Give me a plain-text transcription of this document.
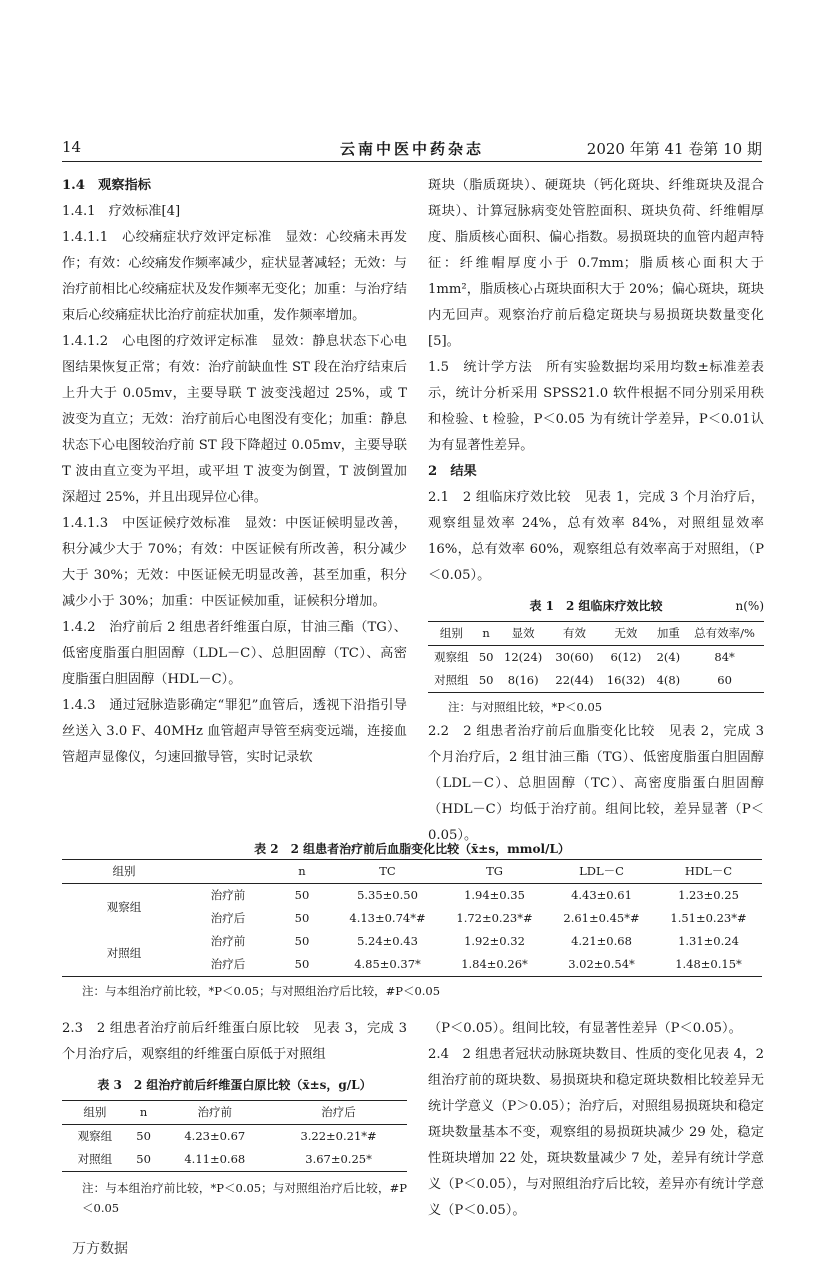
14	云南中医中药杂志	2020 年第 41 卷第 10 期

1.4　观察指标

1.4.1　疗效标准[4]

1.4.1.1　心绞痛症状疗效评定标准　显效：心绞痛未再发作；有效：心绞痛发作频率减少，症状显著减轻；无效：与治疗前相比心绞痛症状及发作频率无变化；加重：与治疗结束后心绞痛症状比治疗前症状加重，发作频率增加。

1.4.1.2　心电图的疗效评定标准　显效：静息状态下心电图结果恢复正常；有效：治疗前缺血性 ST 段在治疗结束后上升大于 0.05mv，主要导联 T 波变浅超过 25%，或 T 波变为直立；无效：治疗前后心电图没有变化；加重：静息状态下心电图较治疗前 ST 段下降超过 0.05mv，主要导联 T 波由直立变为平坦，或平坦 T 波变为倒置，T 波倒置加深超过 25%，并且出现异位心律。

1.4.1.3　中医证候疗效标准　显效：中医证候明显改善，积分减少大于 70%；有效：中医证候有所改善，积分减少大于 30%；无效：中医证候无明显改善，甚至加重，积分减少小于 30%；加重：中医证候加重，证候积分增加。

1.4.2　治疗前后 2 组患者纤维蛋白原，甘油三酯（TG）、低密度脂蛋白胆固醇（LDL－C）、总胆固醇（TC）、高密度脂蛋白胆固醇（HDL－C）。

1.4.3　通过冠脉造影确定“罪犯”血管后，透视下沿指引导丝送入 3.0 F、40MHz 血管超声导管至病变远端，连接血管超声显像仪，匀速回撤导管，实时记录软

斑块（脂质斑块）、硬斑块（钙化斑块、纤维斑块及混合斑块）、计算冠脉病变处管腔面积、斑块负荷、纤维帽厚度、脂质核心面积、偏心指数。易损斑块的血管内超声特征：纤维帽厚度小于 0.7mm；脂质核心面积大于 1mm²，脂质核心占斑块面积大于 20%；偏心斑块，斑块内无回声。观察治疗前后稳定斑块与易损斑块数量变化[5]。

1.5　统计学方法　所有实验数据均采用均数±标准差表示，统计分析采用 SPSS21.0 软件根据不同分别采用秩和检验、t 检验，P＜0.05 为有统计学差异，P＜0.01认为有显著性差异。

2　结果

2.1　2 组临床疗效比较　见表 1，完成 3 个月治疗后，观察组显效率 24%，总有效率 84%，对照组显效率 16%，总有效率 60%，观察组总有效率高于对照组，（P＜0.05）。

表 1　2 组临床疗效比较	n(%)
组别	n	显效	有效	无效	加重	总有效率/%
观察组	50	12(24)	30(60)	6(12)	2(4)	84*
对照组	50	8(16)	22(44)	16(32)	4(8)	60

注：与对照组比较，*P＜0.05

2.2　2 组患者治疗前后血脂变化比较　见表 2，完成 3 个月治疗后，2 组甘油三酯（TG）、低密度脂蛋白胆固醇（LDL－C）、总胆固醇（TC）、高密度脂蛋白胆固醇（HDL－C）均低于治疗前。组间比较，差异显著（P＜0.05）。

表 2　2 组患者治疗前后血脂变化比较（x̄±s，mmol/L）
组别		n	TC	TG	LDL－C	HDL－C
观察组	治疗前	50	5.35±0.50	1.94±0.35	4.43±0.61	1.23±0.25
	治疗后	50	4.13±0.74*#	1.72±0.23*#	2.61±0.45*#	1.51±0.23*#
对照组	治疗前	50	5.24±0.43	1.92±0.32	4.21±0.68	1.31±0.24
	治疗后	50	4.85±0.37*	1.84±0.26*	3.02±0.54*	1.48±0.15*

注：与本组治疗前比较，*P＜0.05；与对照组治疗后比较，#P＜0.05

2.3　2 组患者治疗前后纤维蛋白原比较　见表 3，完成 3 个月治疗后，观察组的纤维蛋白原低于对照组

表 3　2 组治疗前后纤维蛋白原比较（x̄±s，g/L）
组别	n	治疗前	治疗后
观察组	50	4.23±0.67	3.22±0.21*#
对照组	50	4.11±0.68	3.67±0.25*

注：与本组治疗前比较，*P＜0.05；与对照组治疗后比较，#P＜0.05

（P＜0.05）。组间比较，有显著性差异（P＜0.05）。

2.4　2 组患者冠状动脉斑块数目、性质的变化见表 4，2 组治疗前的斑块数、易损斑块和稳定斑块数相比较差异无统计学意义（P＞0.05）；治疗后，对照组易损斑块和稳定斑块数量基本不变，观察组的易损斑块减少 29 处，稳定性斑块增加 22 处，斑块数量减少 7 处，差异有统计学意义（P＜0.05），与对照组治疗后比较，差异亦有统计学意义（P＜0.05）。

万方数据
